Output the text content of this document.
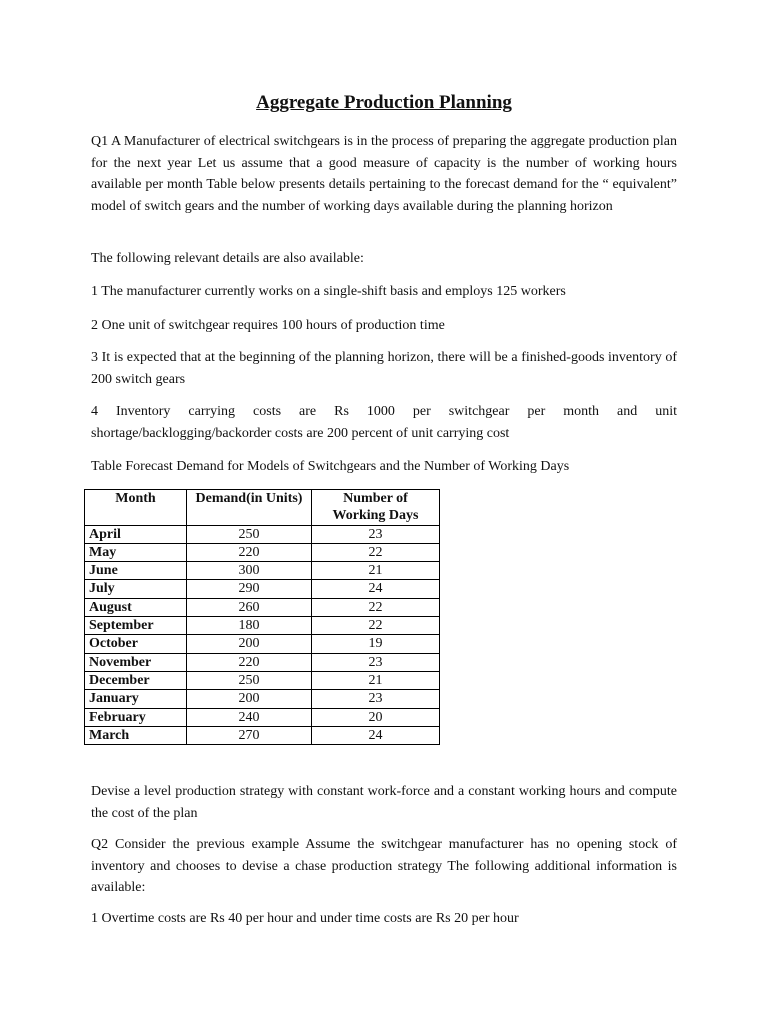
Aggregate Production Planning

Q1 A Manufacturer of electrical switchgears is in the process of preparing the aggregate production plan for the next year Let us assume that a good measure of capacity is the number of working hours available per month Table below presents details pertaining to the forecast demand for the “ equivalent” model of switch gears and the number of working days available during the planning horizon

The following relevant details are also available:

1 The manufacturer currently works on a single-shift basis and employs 125 workers

2 One unit of switchgear requires 100 hours of production time

3 It is expected that at the beginning of the planning horizon, there will be a finished-goods inventory of 200 switch gears

4 Inventory carrying costs are Rs 1000 per switchgear per month and unit shortage/backlogging/backorder costs are 200 percent of unit carrying cost

Table Forecast Demand for Models of Switchgears and the Number of Working Days

Month	Demand(in Units)	Number of Working Days
April	250	23
May	220	22
June	300	21
July	290	24
August	260	22
September	180	22
October	200	19
November	220	23
December	250	21
January	200	23
February	240	20
March	270	24

Devise a level production strategy with constant work-force and a constant working hours and compute the cost of the plan

Q2 Consider the previous example Assume the switchgear manufacturer has no opening stock of inventory and chooses to devise a chase production strategy The following additional information is available:

1 Overtime costs are Rs 40 per hour and under time costs are Rs 20 per hour
